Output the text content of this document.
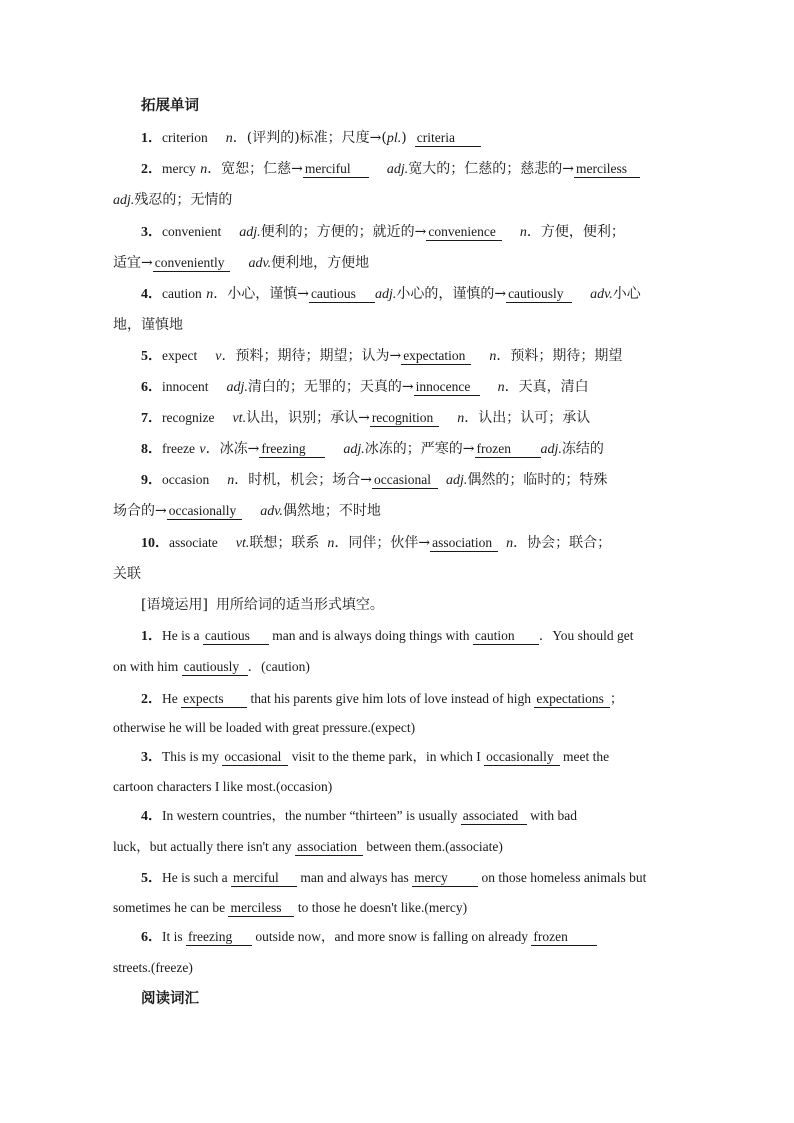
拓展单词
1．criterion n．(评判的)标准；尺度→(pl.) criteria
2．mercy n．宽恕；仁慈→ merciful	adj.宽大的；仁慈的；慈悲的→ merciless
adj.残忍的；无情的
3．convenient adj.便利的；方便的；就近的→ convenience n．方便，便利；
适宜→ conveniently adv.便利地，方便地
4．caution n．小心，谨慎→ cautious adj.小心的，谨慎的→ cautiously adv.小心
地，谨慎地
5．expect v．预料；期待；期望；认为→ expectation n．预料；期待；期望
6．innocent adj.清白的；无罪的；天真的→ innocence n．天真，清白
7．recognize vt.认出，识别；承认→ recognition n．认出；认可；承认
8．freeze v．冰冻→ freezing	adj.冰冻的；严寒的→ frozen adj.冻结的
9．occasion n．时机，机会；场合→ occasional adj.偶然的；临时的；特殊
场合的→ occasionally adv.偶然地；不时地
10．associate vt.联想；联系 n．同伴；伙伴→ association n．协会；联合；
关联
[语境运用] 用所给词的适当形式填空。
1．He is a cautious man and is always doing things with caution ．You should get
on with him cautiously ．(caution)
2．He expects that his parents give him lots of love instead of high expectations ；
otherwise he will be loaded with great pressure.(expect)
3．This is my occasional visit to the theme park，in which I occasionally meet the
cartoon characters I like most.(occasion)
4．In western countries，the number “thirteen” is usually associated with bad
luck，but actually there isn't any association between them.(associate)
5．He is such a merciful man and always has mercy on those homeless animals but
sometimes he can be merciless to those he doesn't like.(mercy)
6．It is freezing outside now，and more snow is falling on already frozen
streets.(freeze)
阅读词汇
